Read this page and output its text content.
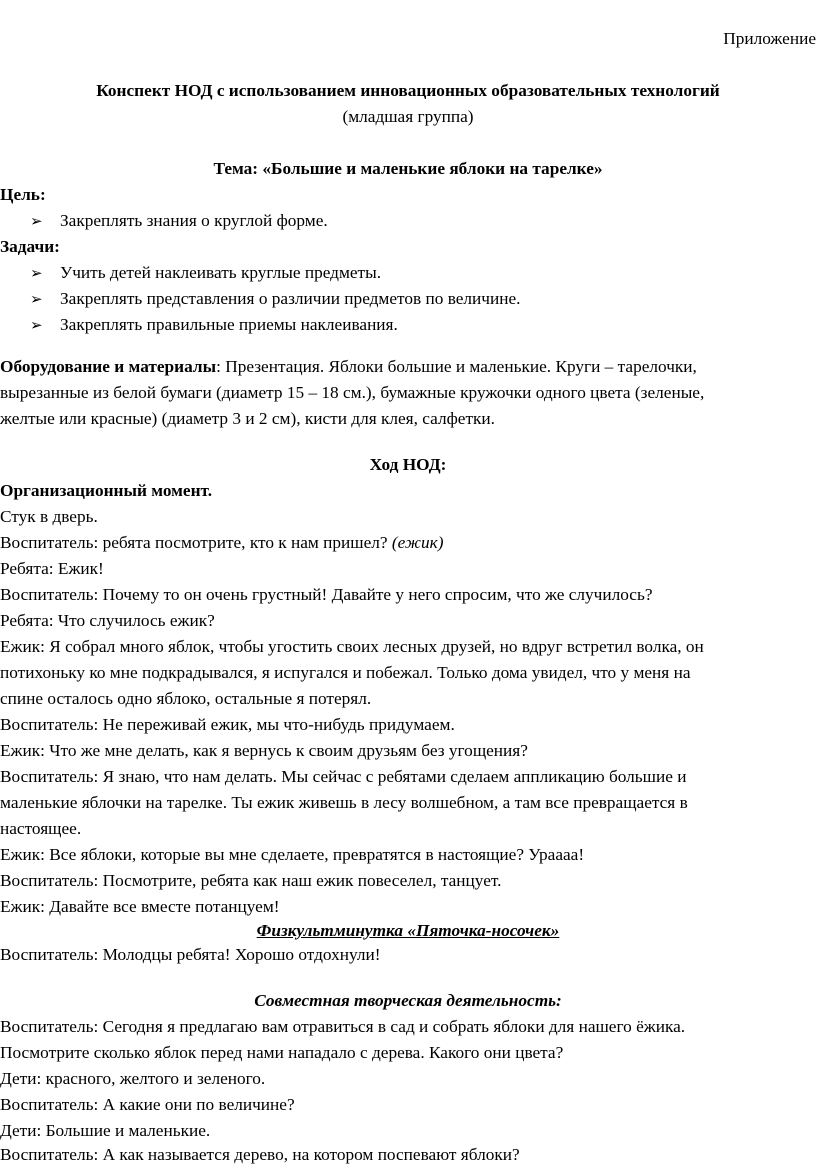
Приложение
Конспект НОД с использованием инновационных образовательных технологий
(младшая группа)
Тема: «Большие и маленькие яблоки на тарелке»
Цель:
➢ Закреплять знания о круглой форме.
Задачи:
➢ Учить детей наклеивать круглые предметы.
➢ Закреплять представления о различии предметов по величине.
➢ Закреплять правильные приемы наклеивания.
Оборудование и материалы: Презентация. Яблоки большие и маленькие. Круги – тарелочки,
вырезанные из белой бумаги (диаметр 15 – 18 см.), бумажные кружочки одного цвета (зеленые,
желтые или красные) (диаметр 3 и 2 см), кисти для клея, салфетки.
Ход НОД:
Организационный момент.
Стук в дверь.
Воспитатель: ребята посмотрите, кто к нам пришел? (ежик)
Ребята: Ежик!
Воспитатель: Почему то он очень грустный! Давайте у него спросим, что же случилось?
Ребята: Что случилось ежик?
Ежик: Я собрал много яблок, чтобы угостить своих лесных друзей, но вдруг встретил волка, он
потихоньку ко мне подкрадывался, я испугался и побежал. Только дома увидел, что у меня на
спине осталось одно яблоко, остальные я потерял.
Воспитатель: Не переживай ежик, мы что-нибудь придумаем.
Ежик: Что же мне делать, как я вернусь к своим друзьям без угощения?
Воспитатель: Я знаю, что нам делать. Мы сейчас с ребятами сделаем аппликацию большие и
маленькие яблочки на тарелке. Ты ежик живешь в лесу волшебном, а там все превращается в
настоящее.
Ежик: Все яблоки, которые вы мне сделаете, превратятся в настоящие? Ураааа!
Воспитатель: Посмотрите, ребята как наш ежик повеселел, танцует.
Ежик: Давайте все вместе потанцуем!
Физкультминутка «Пяточка-носочек»
Воспитатель: Молодцы ребята! Хорошо отдохнули!
Совместная творческая деятельность:
Воспитатель: Сегодня я предлагаю вам отравиться в сад и собрать яблоки для нашего ёжика.
Посмотрите сколько яблок перед нами нападало с дерева. Какого они цвета?
Дети: красного, желтого и зеленого.
Воспитатель: А какие они по величине?
Дети: Большие и маленькие.
Воспитатель: А как называется дерево, на котором поспевают яблоки?
